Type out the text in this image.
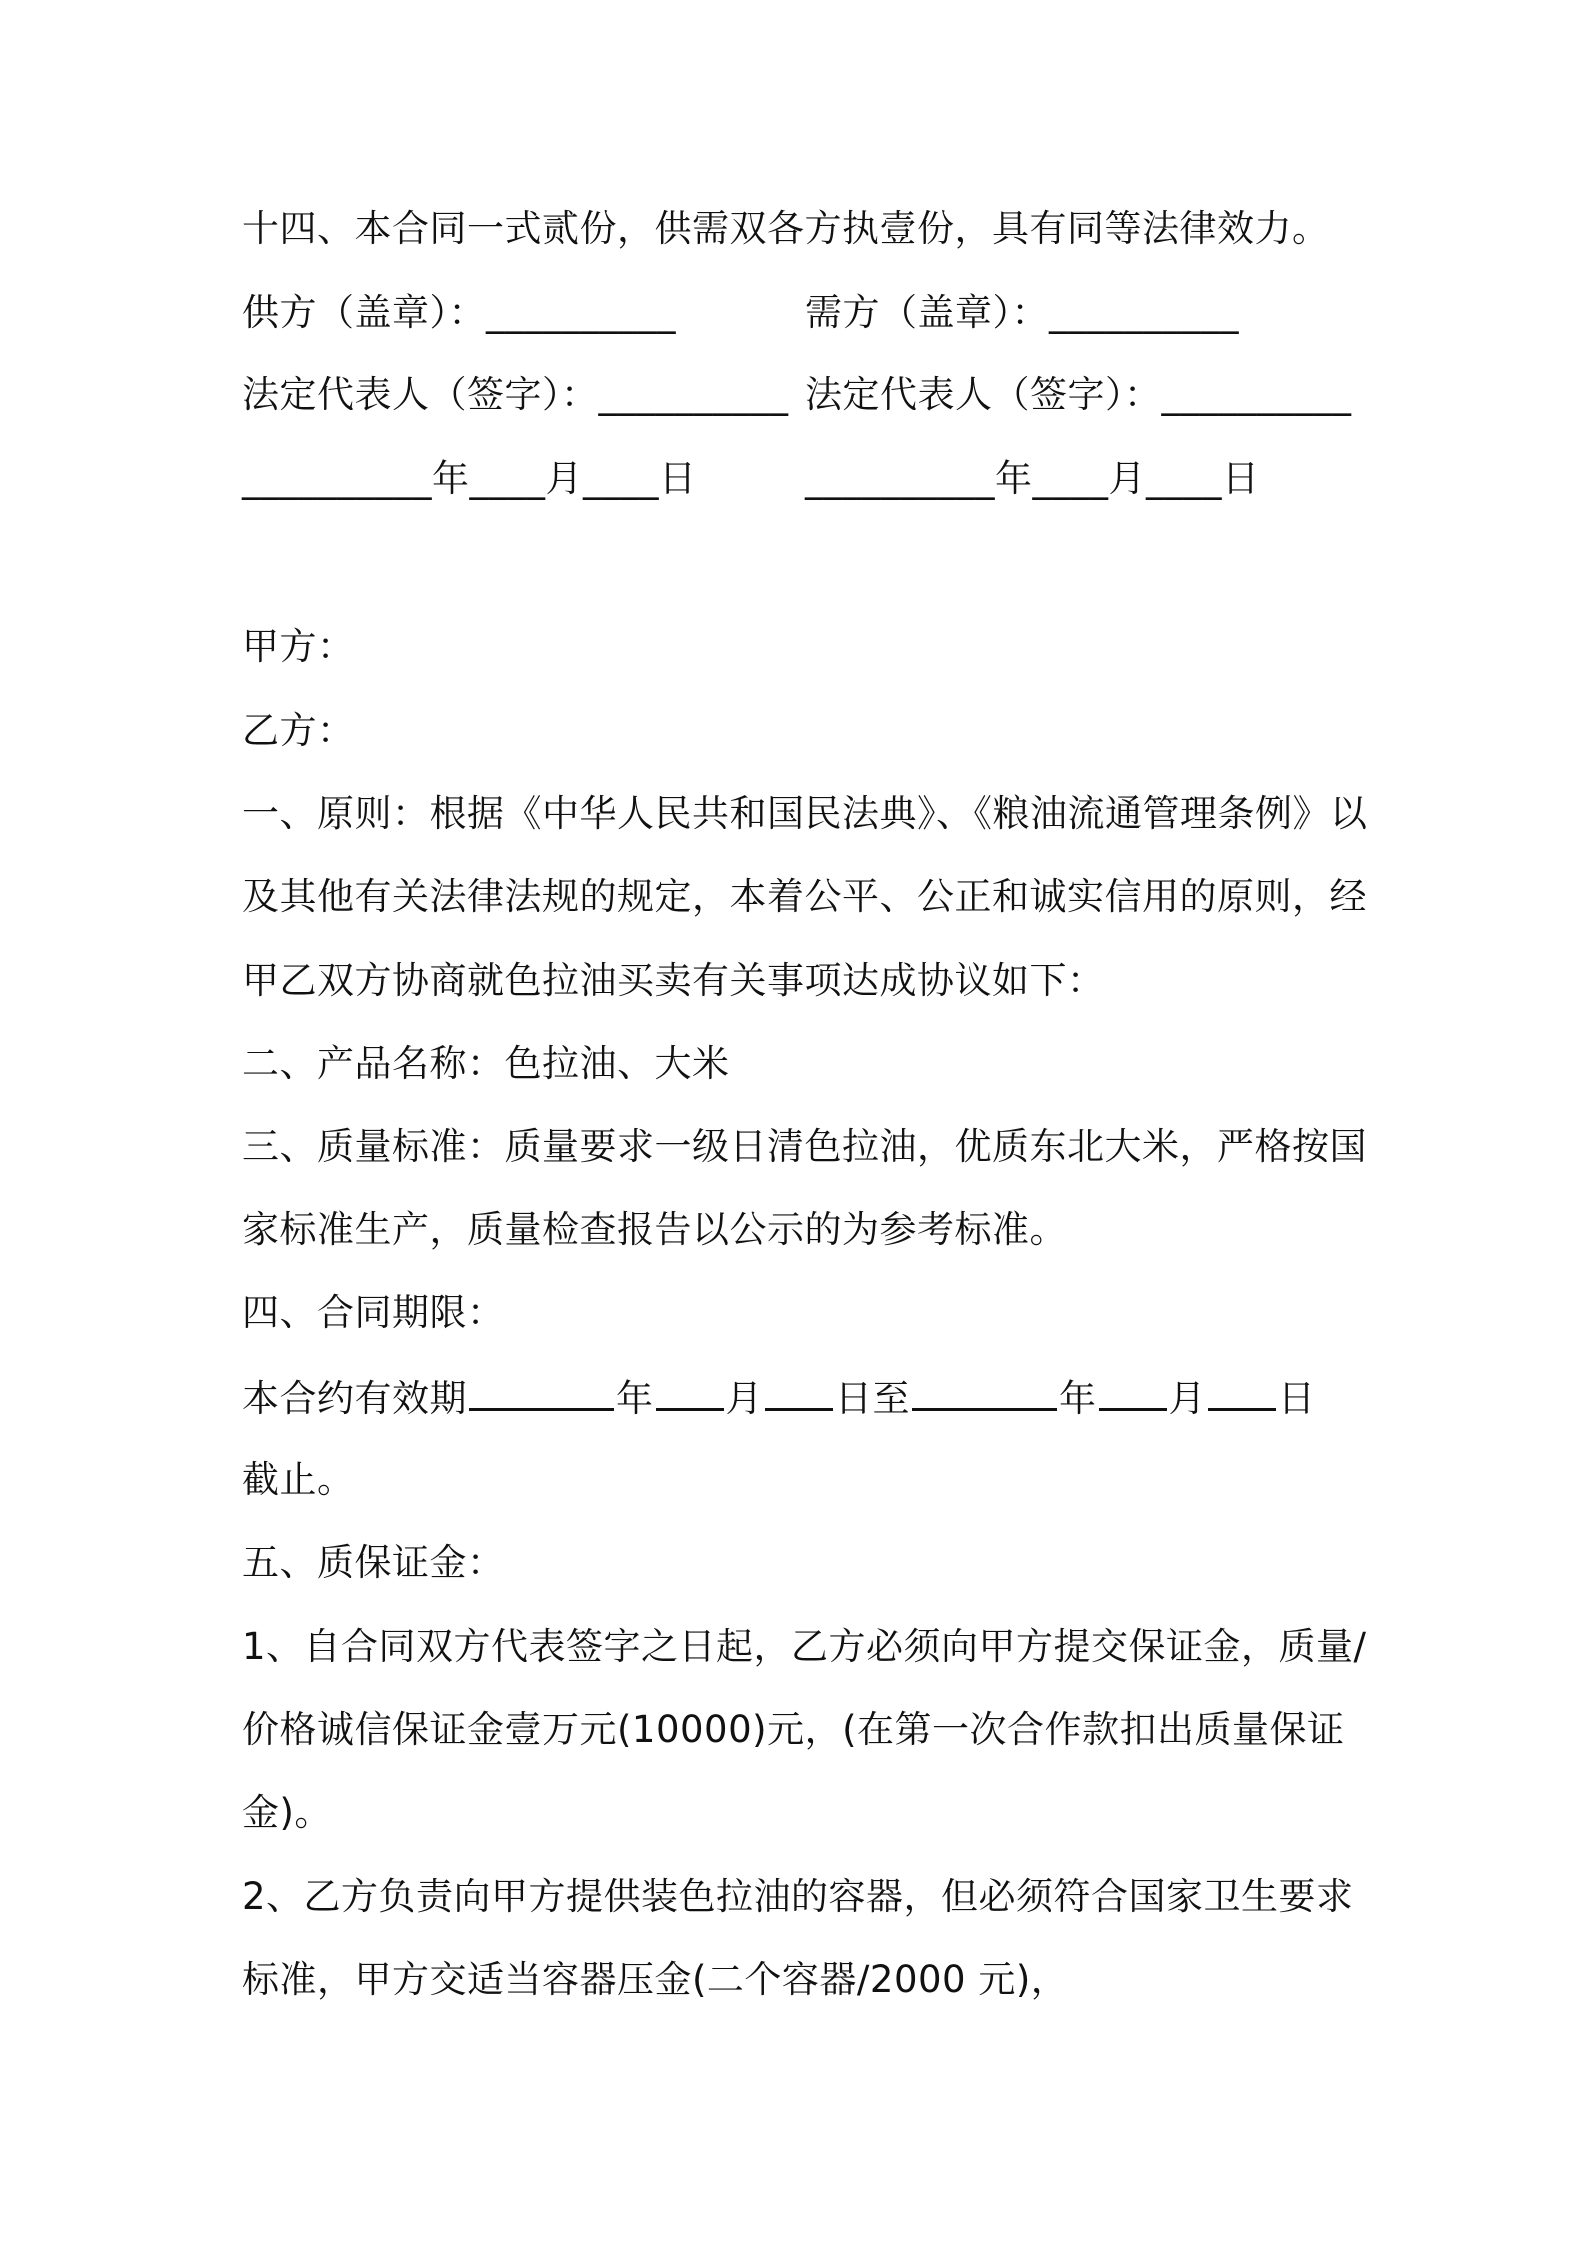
十四、本合同一式贰份，供需双各方执壹份，具有同等法律效力。
供方（盖章）：__________	需方（盖章）：__________
法定代表人（签字）：__________ 法定代表人（签字）：__________
__________年____月____日	__________年____月____日
甲方：
乙方：
一、原则：根据《中华人民共和国民法典》、《粮油流通管理条例》以
及其他有关法律法规的规定，本着公平、公正和诚实信用的原则，经
甲乙双方协商就色拉油买卖有关事项达成协议如下：
二、产品名称：色拉油、大米
三、质量标准：质量要求一级日清色拉油，优质东北大米，严格按国
家标准生产，质量检查报告以公示的为参考标准。
四、合同期限：
本合约有效期	年 月 日至	年 月 日
截止。
五、质保证金：
1、自合同双方代表签字之日起，乙方必须向甲方提交保证金，质量/
价格诚信保证金壹万元(10000)元，(在第一次合作款扣出质量保证
金)。
2、乙方负责向甲方提供装色拉油的容器，但必须符合国家卫生要求
标准，甲方交适当容器压金(二个容器/2000 元)，
